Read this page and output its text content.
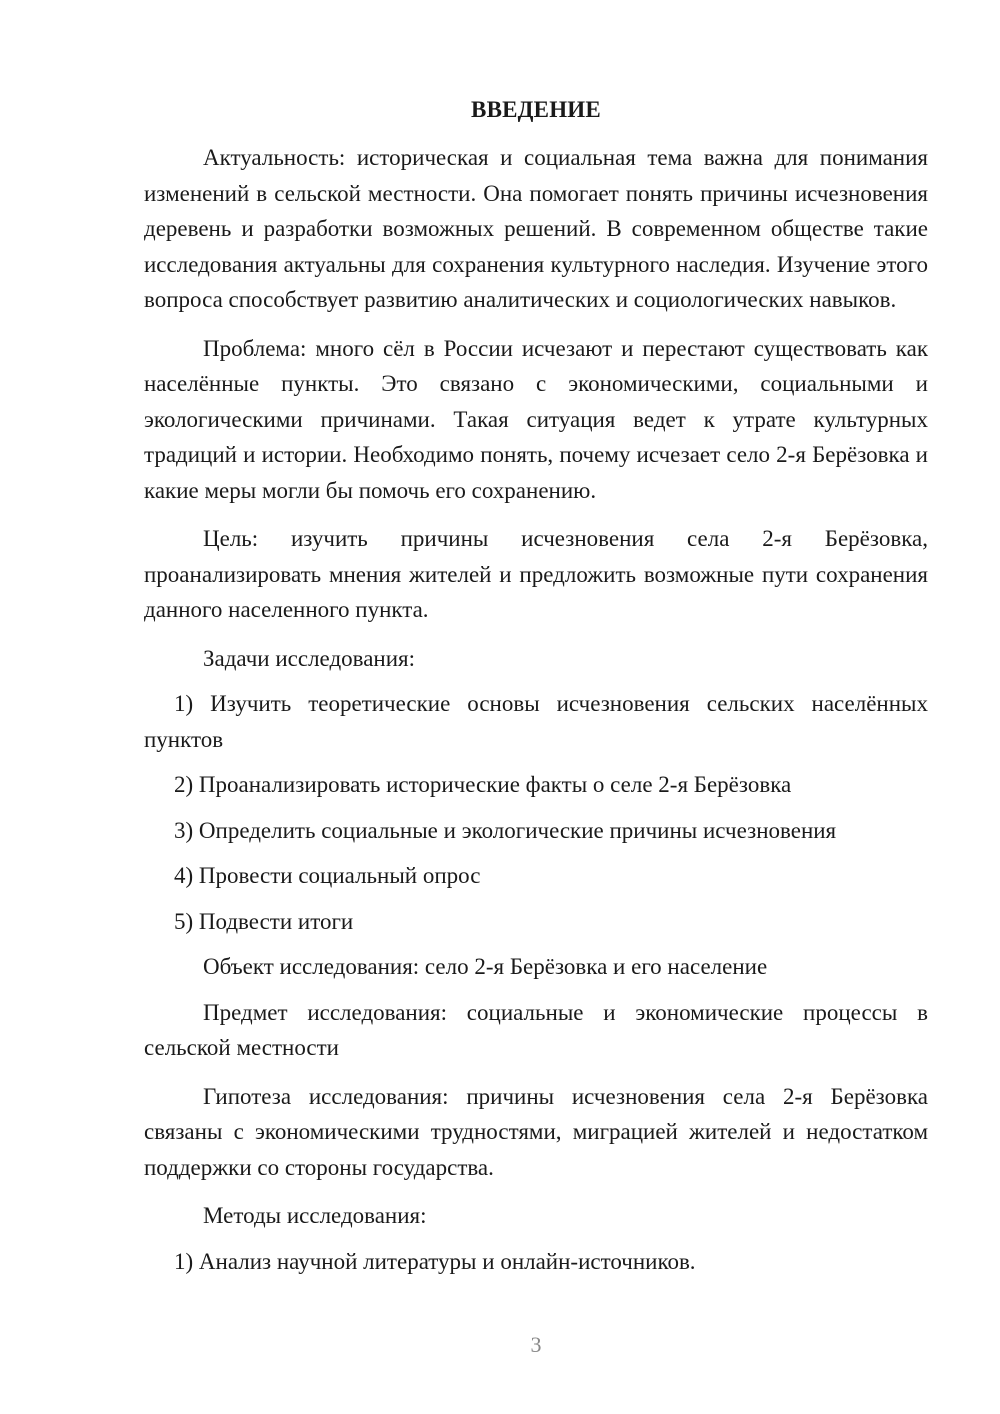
ВВЕДЕНИЕ

Актуальность: историческая и социальная тема важна для понимания изменений в сельской местности. Она помогает понять причины исчезновения деревень и разработки возможных решений. В современном обществе такие исследования актуальны для сохранения культурного наследия. Изучение этого вопроса способствует развитию аналитических и социологических навыков.

Проблема: много сёл в России исчезают и перестают существовать как населённые пункты. Это связано с экономическими, социальными и экологическими причинами. Такая ситуация ведет к утрате культурных традиций и истории. Необходимо понять, почему исчезает село 2-я Берёзовка и какие меры могли бы помочь его сохранению.

Цель: изучить причины исчезновения села 2-я Берёзовка, проанализировать мнения жителей и предложить возможные пути сохранения данного населенного пункта.

Задачи исследования:

1) Изучить теоретические основы исчезновения сельских населённых пунктов

2) Проанализировать исторические факты о селе 2-я Берёзовка

3) Определить социальные и экологические причины исчезновения

4) Провести социальный опрос

5) Подвести итоги

Объект исследования: село 2-я Берёзовка и его население

Предмет исследования: социальные и экономические процессы в сельской местности

Гипотеза исследования: причины исчезновения села 2-я Берёзовка связаны с экономическими трудностями, миграцией жителей и недостатком поддержки со стороны государства.

Методы исследования:

1) Анализ научной литературы и онлайн-источников.

3
